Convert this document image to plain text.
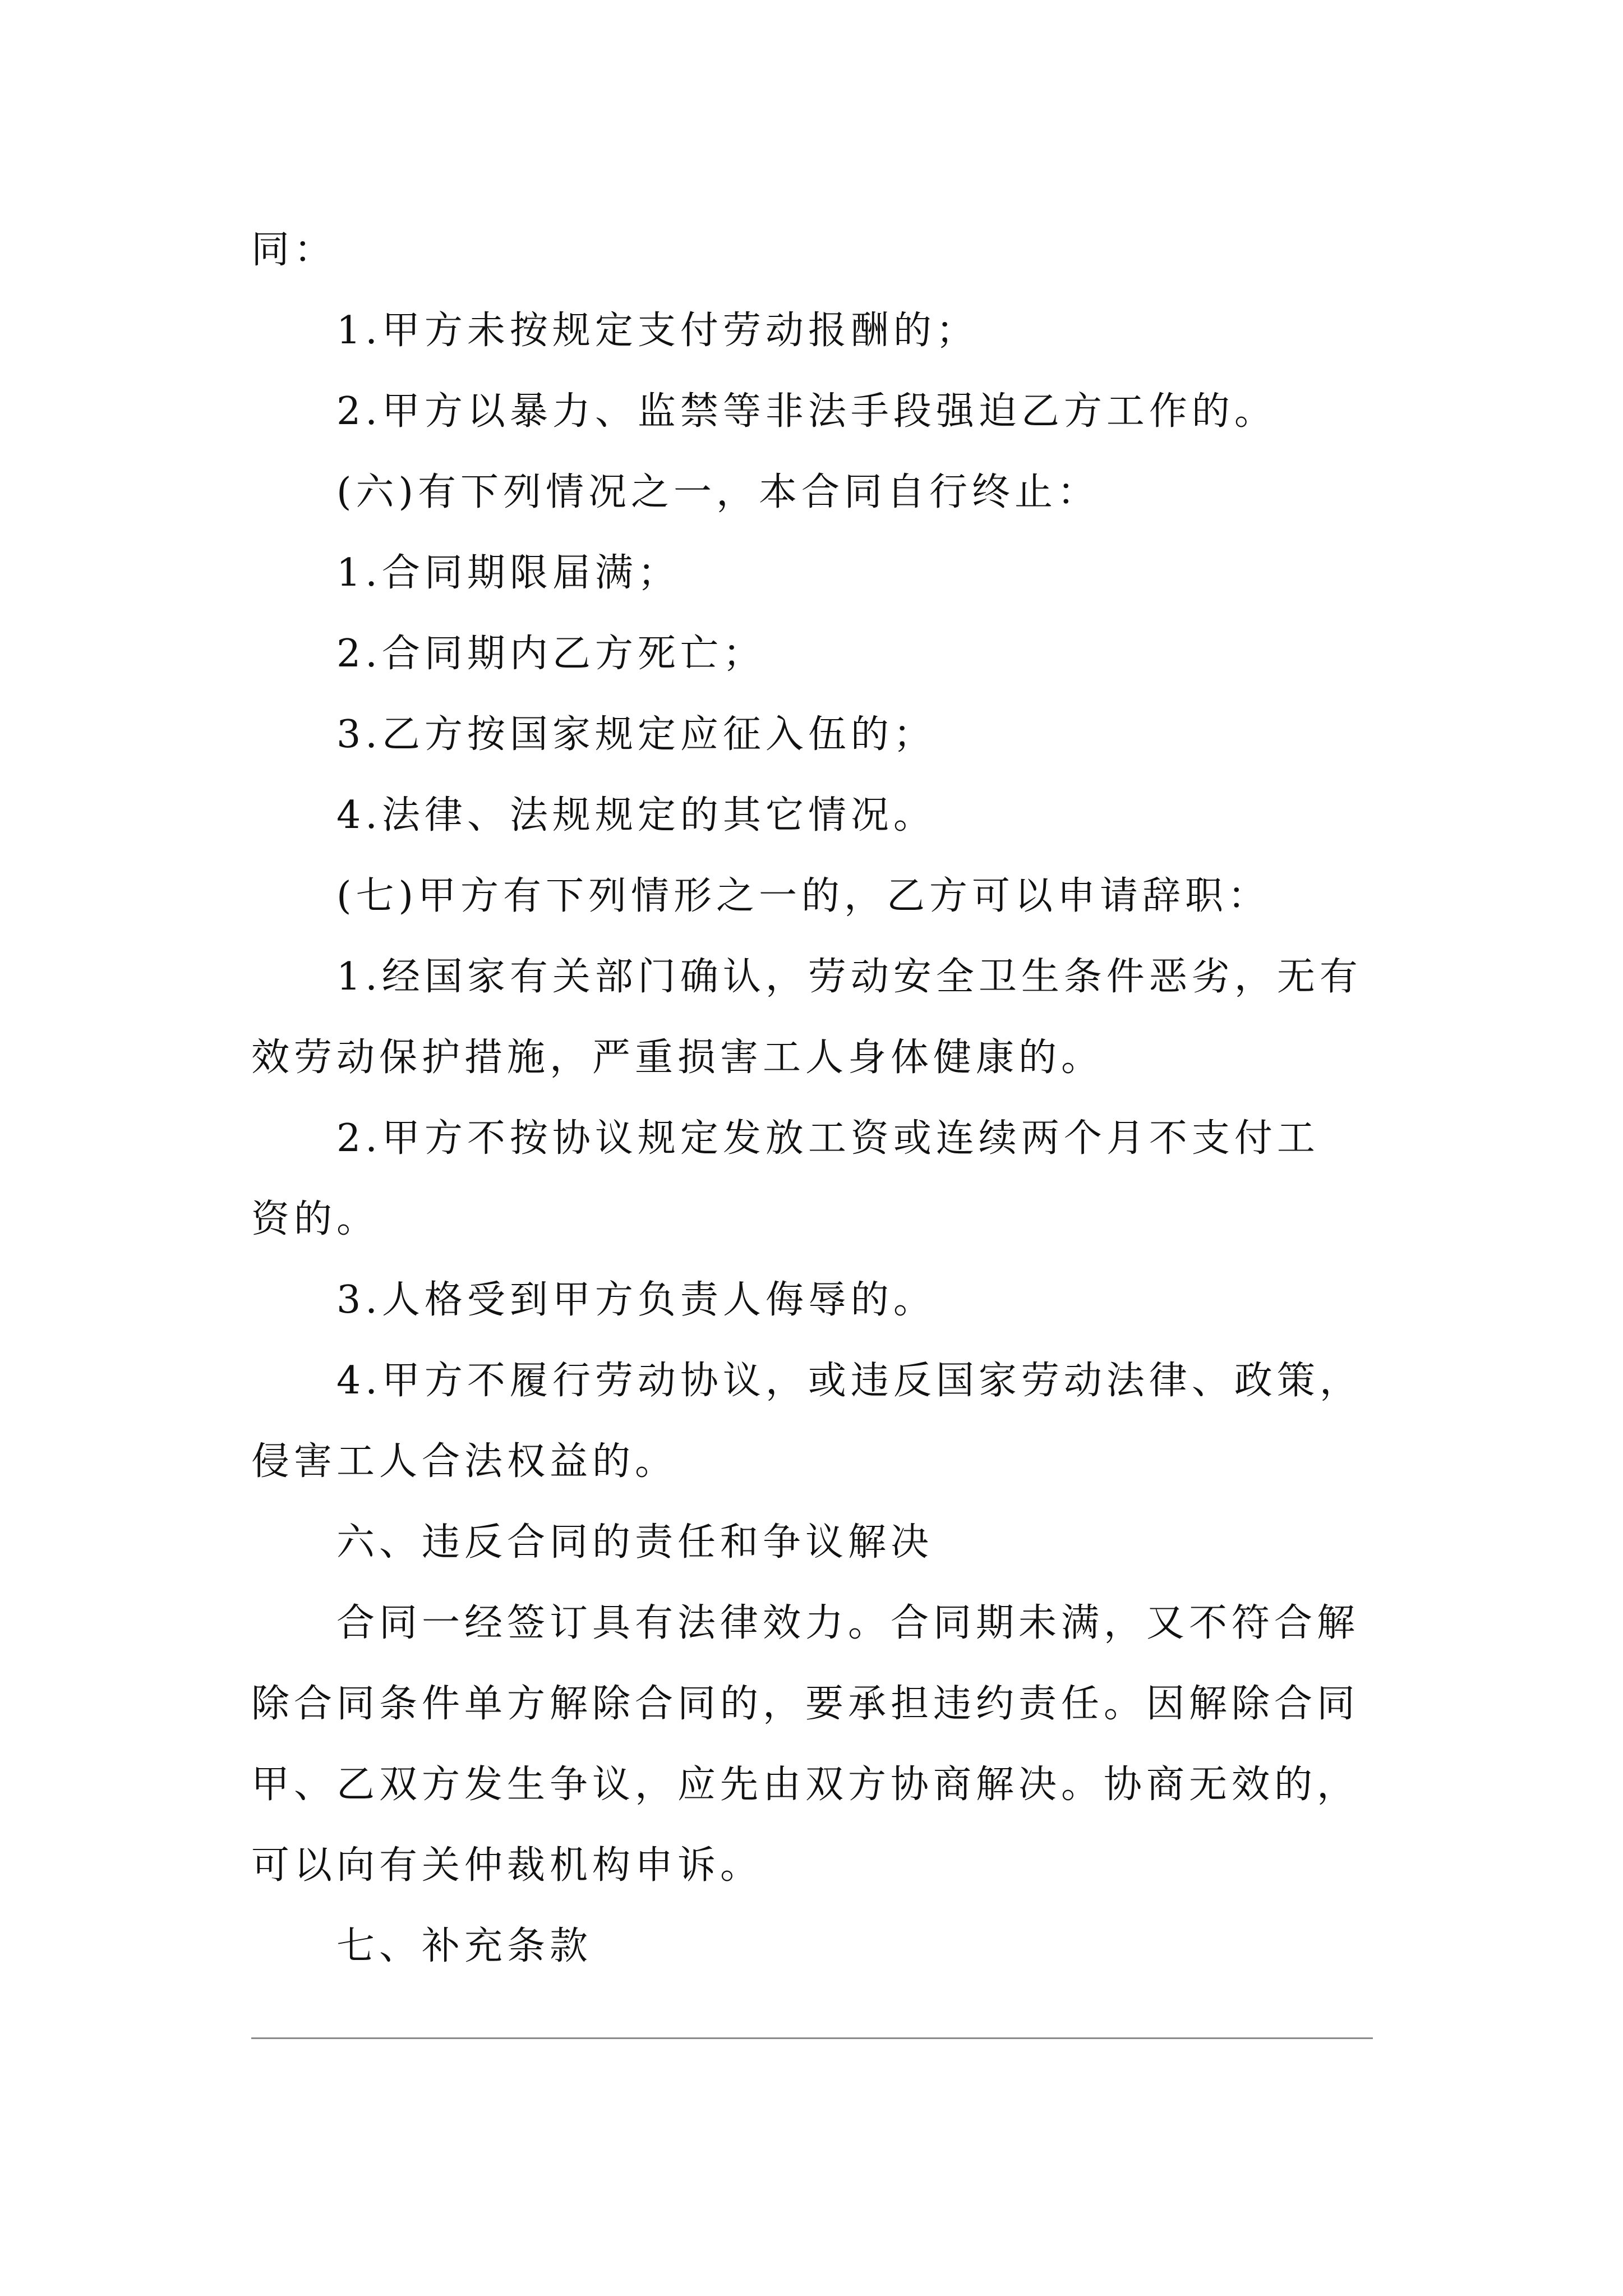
同：
1.甲方未按规定支付劳动报酬的；
2.甲方以暴力、监禁等非法手段强迫乙方工作的。
(六)有下列情况之一，本合同自行终止：
1.合同期限届满；
2.合同期内乙方死亡；
3.乙方按国家规定应征入伍的；
4.法律、法规规定的其它情况。
(七)甲方有下列情形之一的，乙方可以申请辞职：
1.经国家有关部门确认，劳动安全卫生条件恶劣，无有
效劳动保护措施，严重损害工人身体健康的。
2.甲方不按协议规定发放工资或连续两个月不支付工
资的。
3.人格受到甲方负责人侮辱的。
4.甲方不履行劳动协议，或违反国家劳动法律、政策，
侵害工人合法权益的。
六、违反合同的责任和争议解决
合同一经签订具有法律效力。合同期未满，又不符合解
除合同条件单方解除合同的，要承担违约责任。因解除合同
甲、乙双方发生争议，应先由双方协商解决。协商无效的，
可以向有关仲裁机构申诉。
七、补充条款
